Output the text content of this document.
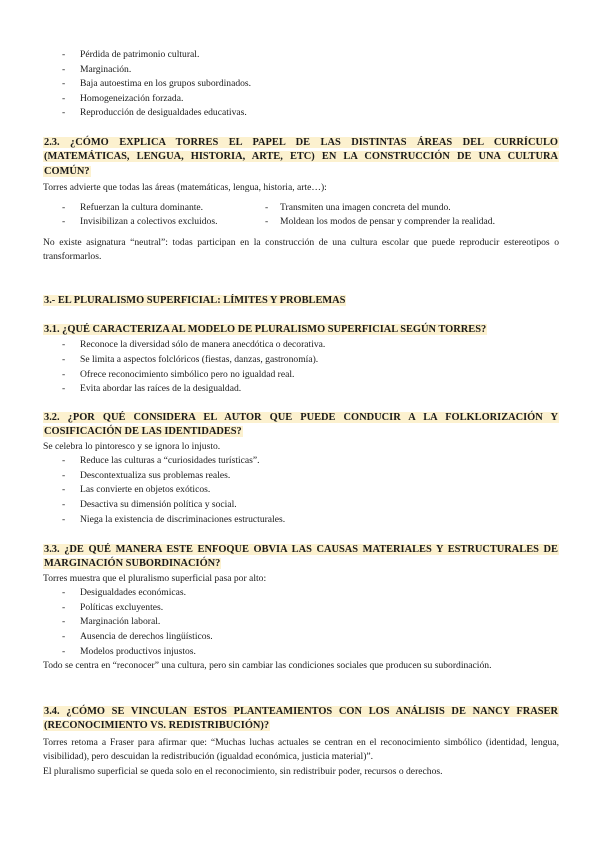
- Pérdida de patrimonio cultural.
- Marginación.
- Baja autoestima en los grupos subordinados.
- Homogeneización forzada.
- Reproducción de desigualdades educativas.

2.3. ¿CÓMO EXPLICA TORRES EL PAPEL DE LAS DISTINTAS ÁREAS DEL CURRÍCULO (MATEMÁTICAS, LENGUA, HISTORIA, ARTE, ETC) EN LA CONSTRUCCIÓN DE UNA CULTURA COMÚN?

Torres advierte que todas las áreas (matemáticas, lengua, historia, arte…):

- Refuerzan la cultura dominante.
- Invisibilizan a colectivos excluidos.
- Transmiten una imagen concreta del mundo.
- Moldean los modos de pensar y comprender la realidad.

No existe asignatura “neutral”: todas participan en la construcción de una cultura escolar que puede reproducir estereotipos o transformarlos.

3.- EL PLURALISMO SUPERFICIAL: LÍMITES Y PROBLEMAS

3.1. ¿QUÉ CARACTERIZA AL MODELO DE PLURALISMO SUPERFICIAL SEGÚN TORRES?

- Reconoce la diversidad sólo de manera anecdótica o decorativa.
- Se limita a aspectos folclóricos (fiestas, danzas, gastronomía).
- Ofrece reconocimiento simbólico pero no igualdad real.
- Evita abordar las raíces de la desigualdad.

3.2. ¿POR QUÉ CONSIDERA EL AUTOR QUE PUEDE CONDUCIR A LA FOLKLORIZACIÓN Y COSIFICACIÓN DE LAS IDENTIDADES?

Se celebra lo pintoresco y se ignora lo injusto.

- Reduce las culturas a “curiosidades turísticas”.
- Descontextualiza sus problemas reales.
- Las convierte en objetos exóticos.
- Desactiva su dimensión política y social.
- Niega la existencia de discriminaciones estructurales.

3.3. ¿DE QUÉ MANERA ESTE ENFOQUE OBVIA LAS CAUSAS MATERIALES Y ESTRUCTURALES DE MARGINACIÓN SUBORDINACIÓN?

Torres muestra que el pluralismo superficial pasa por alto:

- Desigualdades económicas.
- Políticas excluyentes.
- Marginación laboral.
- Ausencia de derechos lingüísticos.
- Modelos productivos injustos.

Todo se centra en “reconocer” una cultura, pero sin cambiar las condiciones sociales que producen su subordinación.

3.4. ¿CÓMO SE VINCULAN ESTOS PLANTEAMIENTOS CON LOS ANÁLISIS DE NANCY FRASER (RECONOCIMIENTO VS. REDISTRIBUCIÓN)?

Torres retoma a Fraser para afirmar que: “Muchas luchas actuales se centran en el reconocimiento simbólico (identidad, lengua, visibilidad), pero descuidan la redistribución (igualdad económica, justicia material)”.

El pluralismo superficial se queda solo en el reconocimiento, sin redistribuir poder, recursos o derechos.
